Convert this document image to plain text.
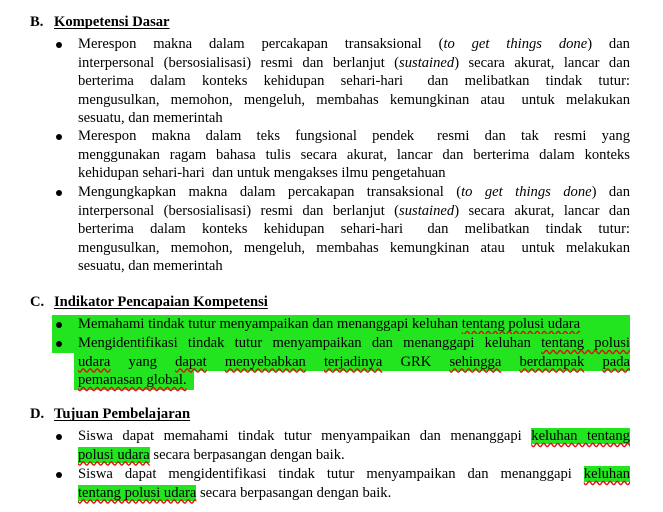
B. Kompetensi Dasar
Merespon makna dalam percakapan transaksional (to get things done) dan
interpersonal (bersosialisasi) resmi dan berlanjut (sustained) secara akurat, lancar dan
berterima  dalam  konteks  kehidupan  sehari-hari   dan  melibatkan  tindak  tutur:
mengusulkan,  memohon,  mengeluh,  membahas  kemungkinan  atau   untuk  melakukan
sesuatu, dan memerintah
Merespon  makna  dalam  teks  fungsional  pendek   resmi  dan  tak  resmi  yang
menggunakan ragam bahasa tulis secara akurat, lancar dan berterima dalam konteks
kehidupan sehari-hari  dan untuk mengakses ilmu pengetahuan
Mengungkapkan makna dalam percakapan transaksional (to get things done) dan
interpersonal (bersosialisasi) resmi dan berlanjut (sustained) secara akurat, lancar dan
berterima  dalam  konteks  kehidupan  sehari-hari   dan  melibatkan  tindak  tutur:
mengusulkan,  memohon,  mengeluh,  membahas  kemungkinan  atau   untuk  melakukan
sesuatu, dan memerintah
C. Indikator Pencapaian Kompetensi
Memahami tindak tutur menyampaikan dan menanggapi keluhan tentang polusi udara
Mengidentifikasi tindak tutur menyampaikan dan menanggapi keluhan tentang polusi
udara yang dapat menyebabkan terjadinya GRK sehingga berdampak pada
pemanasan global.
D. Tujuan Pembelajaran
Siswa dapat memahami tindak tutur menyampaikan dan menanggapi keluhan tentang
polusi udara secara berpasangan dengan baik.
Siswa dapat mengidentifikasi tindak tutur menyampaikan dan menanggapi keluhan
tentang polusi udara secara berpasangan dengan baik.
